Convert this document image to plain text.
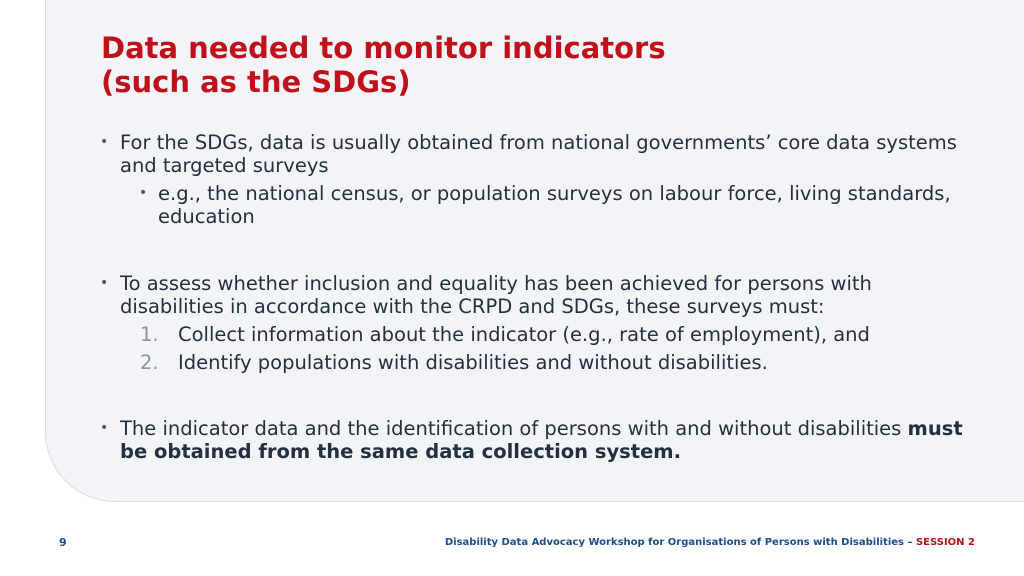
Data needed to monitor indicators
(such as the SDGs)
• For the SDGs, data is usually obtained from national governments’ core data systems and targeted surveys
• e.g., the national census, or population surveys on labour force, living standards, education
• To assess whether inclusion and equality has been achieved for persons with disabilities in accordance with the CRPD and SDGs, these surveys must:
1. Collect information about the indicator (e.g., rate of employment), and
2. Identify populations with disabilities and without disabilities.
• The indicator data and the identification of persons with and without disabilities must be obtained from the same data collection system.
9	Disability Data Advocacy Workshop for Organisations of Persons with Disabilities – SESSION 2
